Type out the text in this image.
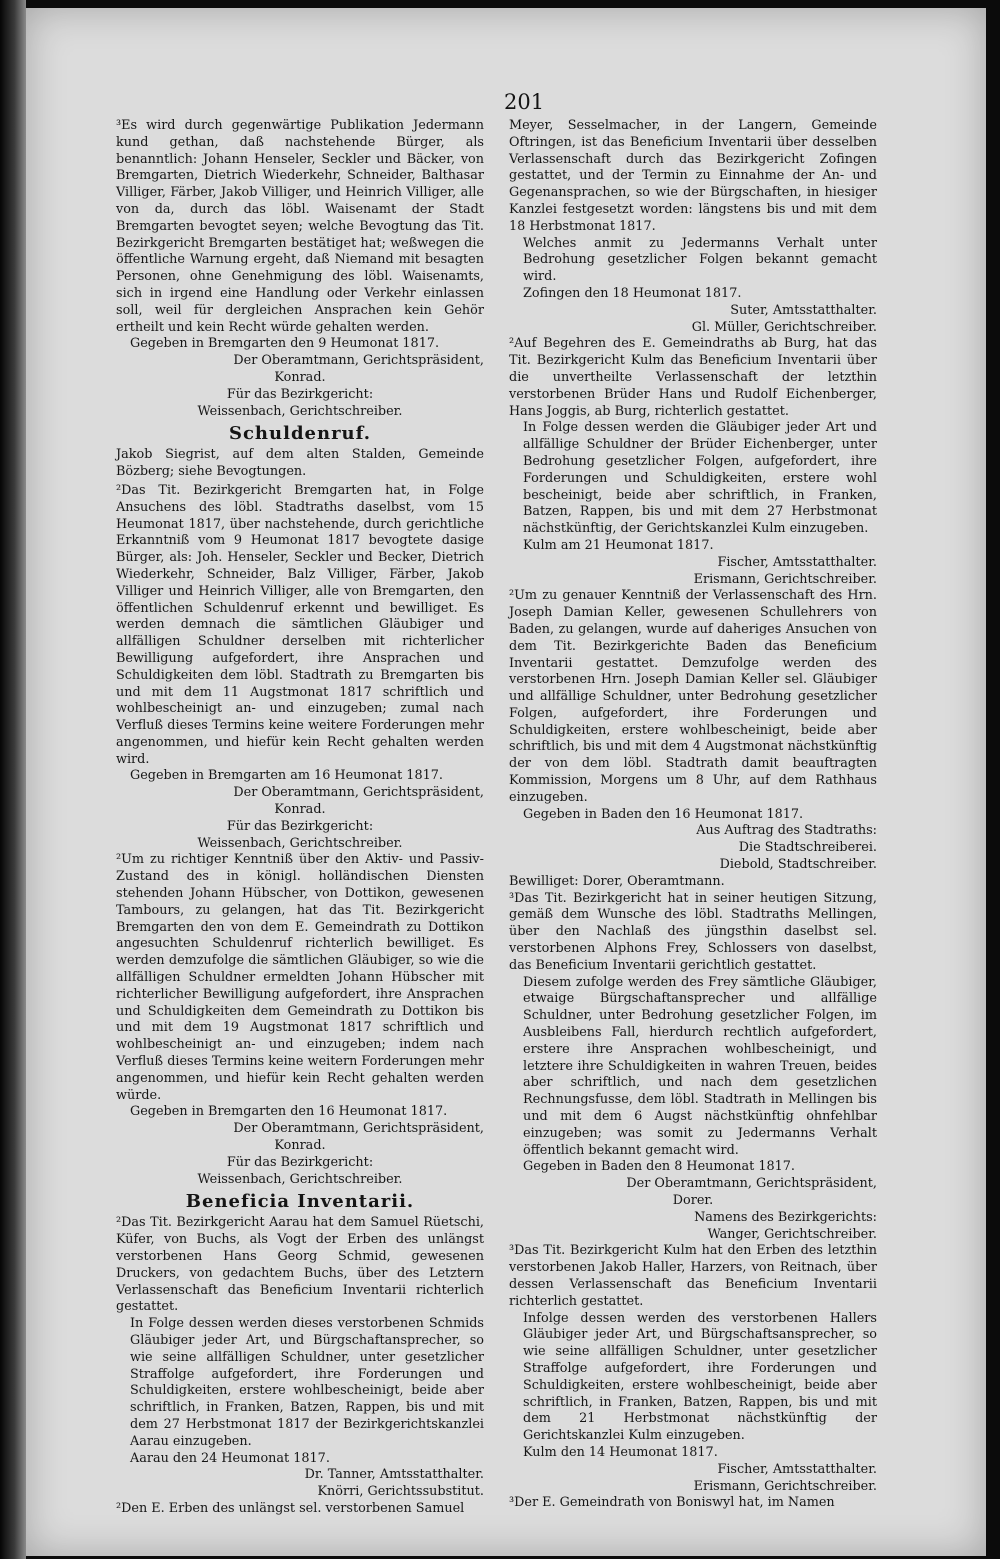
201
³Es wird durch gegenwärtige Publikation Jedermann kund gethan, daß nachstehende Bürger, als benanntlich: Johann Henseler, Seckler und Bäcker, von Bremgarten, Dietrich Wiederkehr, Schneider, Balthasar Villiger, Färber, Jakob Villiger, und Heinrich Villiger, alle von da, durch das löbl. Waisenamt der Stadt Bremgarten bevogtet seyen; welche Bevogtung das Tit. Bezirkgericht Bremgarten bestätiget hat; weßwegen die öffentliche Warnung ergeht, daß Niemand mit besagten Personen, ohne Genehmigung des löbl. Waisenamts, sich in irgend eine Handlung oder Verkehr einlassen soll, weil für dergleichen Ansprachen kein Gehör ertheilt und kein Recht würde gehalten werden.
Gegeben in Bremgarten den 9 Heumonat 1817.
Der Oberamtmann, Gerichtspräsident,
Konrad.
Für das Bezirkgericht:
Weissenbach, Gerichtschreiber.
Schuldenruf.
Jakob Siegrist, auf dem alten Stalden, Gemeinde Bözberg; siehe Bevogtungen.
²Das Tit. Bezirkgericht Bremgarten hat, in Folge Ansuchens des löbl. Stadtraths daselbst, vom 15 Heumonat 1817, über nachstehende, durch gerichtliche Erkanntniß vom 9 Heumonat 1817 bevogtete dasige Bürger, als: Joh. Henseler, Seckler und Becker, Dietrich Wiederkehr, Schneider, Balz Villiger, Färber, Jakob Villiger und Heinrich Villiger, alle von Bremgarten, den öffentlichen Schuldenruf erkennt und bewilliget. Es werden demnach die sämtlichen Gläubiger und allfälligen Schuldner derselben mit richterlicher Bewilligung aufgefordert, ihre Ansprachen und Schuldigkeiten dem löbl. Stadtrath zu Bremgarten bis und mit dem 11 Augstmonat 1817 schriftlich und wohlbescheinigt an- und einzugeben; zumal nach Verfluß dieses Termins keine weitere Forderungen mehr angenommen, und hiefür kein Recht gehalten werden wird.
Gegeben in Bremgarten am 16 Heumonat 1817.
Der Oberamtmann, Gerichtspräsident,
Konrad.
Für das Bezirkgericht:
Weissenbach, Gerichtschreiber.
²Um zu richtiger Kenntniß über den Aktiv- und Passiv-Zustand des in königl. holländischen Diensten stehenden Johann Hübscher, von Dottikon, gewesenen Tambours, zu gelangen, hat das Tit. Bezirkgericht Bremgarten den von dem E. Gemeindrath zu Dottikon angesuchten Schuldenruf richterlich bewilliget. Es werden demzufolge die sämtlichen Gläubiger, so wie die allfälligen Schuldner ermeldten Johann Hübscher mit richterlicher Bewilligung aufgefordert, ihre Ansprachen und Schuldigkeiten dem Gemeindrath zu Dottikon bis und mit dem 19 Augstmonat 1817 schriftlich und wohlbescheinigt an- und einzugeben; indem nach Verfluß dieses Termins keine weitern Forderungen mehr angenommen, und hiefür kein Recht gehalten werden würde.
Gegeben in Bremgarten den 16 Heumonat 1817.
Der Oberamtmann, Gerichtspräsident,
Konrad.
Für das Bezirkgericht:
Weissenbach, Gerichtschreiber.
Beneficia Inventarii.
²Das Tit. Bezirkgericht Aarau hat dem Samuel Rüetschi, Küfer, von Buchs, als Vogt der Erben des unlängst verstorbenen Hans Georg Schmid, gewesenen Druckers, von gedachtem Buchs, über des Letztern Verlassenschaft das Beneficium Inventarii richterlich gestattet.
In Folge dessen werden dieses verstorbenen Schmids Gläubiger jeder Art, und Bürgschaftansprecher, so wie seine allfälligen Schuldner, unter gesetzlicher Straffolge aufgefordert, ihre Forderungen und Schuldigkeiten, erstere wohlbescheinigt, beide aber schriftlich, in Franken, Batzen, Rappen, bis und mit dem 27 Herbstmonat 1817 der Bezirkgerichtskanzlei Aarau einzugeben.
Aarau den 24 Heumonat 1817.
Dr. Tanner, Amtsstatthalter.
Knörri, Gerichtssubstitut.
²Den E. Erben des unlängst sel. verstorbenen Samuel
Meyer, Sesselmacher, in der Langern, Gemeinde Oftringen, ist das Beneficium Inventarii über desselben Verlassenschaft durch das Bezirkgericht Zofingen gestattet, und der Termin zu Einnahme der An- und Gegenansprachen, so wie der Bürgschaften, in hiesiger Kanzlei festgesetzt worden: längstens bis und mit dem 18 Herbstmonat 1817.
Welches anmit zu Jedermanns Verhalt unter Bedrohung gesetzlicher Folgen bekannt gemacht wird.
Zofingen den 18 Heumonat 1817.
Suter, Amtsstatthalter.
Gl. Müller, Gerichtschreiber.
²Auf Begehren des E. Gemeindraths ab Burg, hat das Tit. Bezirkgericht Kulm das Beneficium Inventarii über die unvertheilte Verlassenschaft der letzthin verstorbenen Brüder Hans und Rudolf Eichenberger, Hans Joggis, ab Burg, richterlich gestattet.
In Folge dessen werden die Gläubiger jeder Art und allfällige Schuldner der Brüder Eichenberger, unter Bedrohung gesetzlicher Folgen, aufgefordert, ihre Forderungen und Schuldigkeiten, erstere wohl bescheinigt, beide aber schriftlich, in Franken, Batzen, Rappen, bis und mit dem 27 Herbstmonat nächstkünftig, der Gerichtskanzlei Kulm einzugeben.
Kulm am 21 Heumonat 1817.
Fischer, Amtsstatthalter.
Erismann, Gerichtschreiber.
²Um zu genauer Kenntniß der Verlassenschaft des Hrn. Joseph Damian Keller, gewesenen Schullehrers von Baden, zu gelangen, wurde auf daheriges Ansuchen von dem Tit. Bezirkgerichte Baden das Beneficium Inventarii gestattet. Demzufolge werden des verstorbenen Hrn. Joseph Damian Keller sel. Gläubiger und allfällige Schuldner, unter Bedrohung gesetzlicher Folgen, aufgefordert, ihre Forderungen und Schuldigkeiten, erstere wohlbescheinigt, beide aber schriftlich, bis und mit dem 4 Augstmonat nächstkünftig der von dem löbl. Stadtrath damit beauftragten Kommission, Morgens um 8 Uhr, auf dem Rathhaus einzugeben.
Gegeben in Baden den 16 Heumonat 1817.
Aus Auftrag des Stadtraths:
Die Stadtschreiberei.
Diebold, Stadtschreiber.
Bewilliget: Dorer, Oberamtmann.
³Das Tit. Bezirkgericht hat in seiner heutigen Sitzung, gemäß dem Wunsche des löbl. Stadtraths Mellingen, über den Nachlaß des jüngsthin daselbst sel. verstorbenen Alphons Frey, Schlossers von daselbst, das Beneficium Inventarii gerichtlich gestattet.
Diesem zufolge werden des Frey sämtliche Gläubiger, etwaige Bürgschaftansprecher und allfällige Schuldner, unter Bedrohung gesetzlicher Folgen, im Ausbleibens Fall, hierdurch rechtlich aufgefordert, erstere ihre Ansprachen wohlbescheinigt, und letztere ihre Schuldigkeiten in wahren Treuen, beides aber schriftlich, und nach dem gesetzlichen Rechnungsfusse, dem löbl. Stadtrath in Mellingen bis und mit dem 6 Augst nächstkünftig ohnfehlbar einzugeben; was somit zu Jedermanns Verhalt öffentlich bekannt gemacht wird.
Gegeben in Baden den 8 Heumonat 1817.
Der Oberamtmann, Gerichtspräsident,
Dorer.
Namens des Bezirkgerichts:
Wanger, Gerichtschreiber.
³Das Tit. Bezirkgericht Kulm hat den Erben des letzthin verstorbenen Jakob Haller, Harzers, von Reitnach, über dessen Verlassenschaft das Beneficium Inventarii richterlich gestattet.
Infolge dessen werden des verstorbenen Hallers Gläubiger jeder Art, und Bürgschaftsansprecher, so wie seine allfälligen Schuldner, unter gesetzlicher Straffolge aufgefordert, ihre Forderungen und Schuldigkeiten, erstere wohlbescheinigt, beide aber schriftlich, in Franken, Batzen, Rappen, bis und mit dem 21 Herbstmonat nächstkünftig der Gerichtskanzlei Kulm einzugeben.
Kulm den 14 Heumonat 1817.
Fischer, Amtsstatthalter.
Erismann, Gerichtschreiber.
³Der E. Gemeindrath von Boniswyl hat, im Namen
